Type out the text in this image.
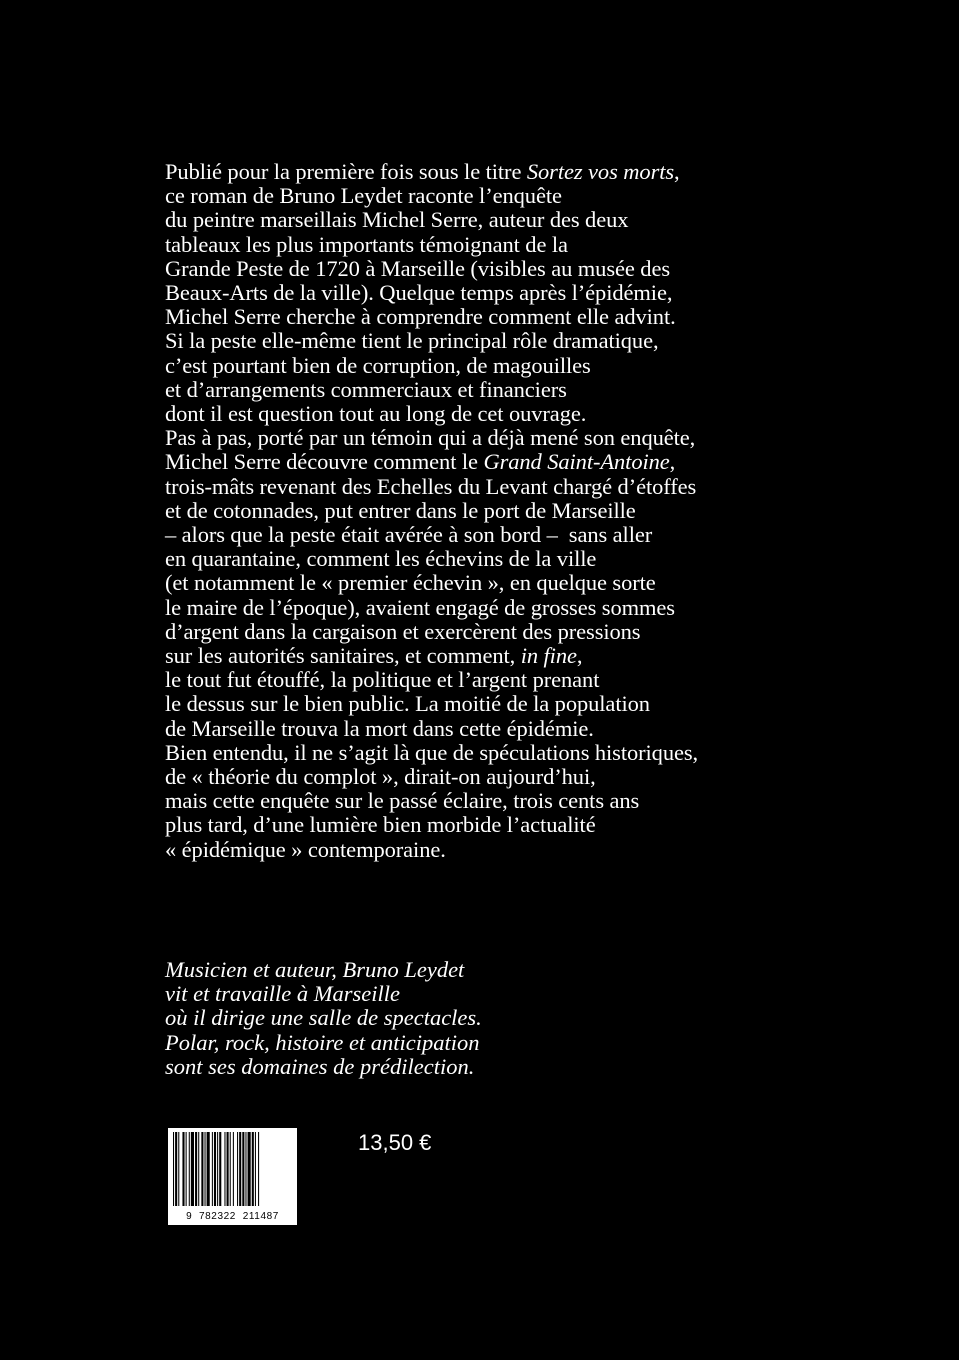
Publié pour la première fois sous le titre Sortez vos morts,
ce roman de Bruno Leydet raconte l’enquête
du peintre marseillais Michel Serre, auteur des deux
tableaux les plus importants témoignant de la
Grande Peste de 1720 à Marseille (visibles au musée des
Beaux-Arts de la ville). Quelque temps après l’épidémie,
Michel Serre cherche à comprendre comment elle advint.
Si la peste elle-même tient le principal rôle dramatique,
c’est pourtant bien de corruption, de magouilles
et d’arrangements commerciaux et financiers
dont il est question tout au long de cet ouvrage.
Pas à pas, porté par un témoin qui a déjà mené son enquête,
Michel Serre découvre comment le Grand Saint-Antoine,
trois-mâts revenant des Echelles du Levant chargé d’étoffes
et de cotonnades, put entrer dans le port de Marseille
– alors que la peste était avérée à son bord –  sans aller
en quarantaine, comment les échevins de la ville
(et notamment le « premier échevin », en quelque sorte
le maire de l’époque), avaient engagé de grosses sommes
d’argent dans la cargaison et exercèrent des pressions
sur les autorités sanitaires, et comment, in fine,
le tout fut étouffé, la politique et l’argent prenant
le dessus sur le bien public. La moitié de la population
de Marseille trouva la mort dans cette épidémie.
Bien entendu, il ne s’agit là que de spéculations historiques,
de « théorie du complot », dirait-on aujourd’hui,
mais cette enquête sur le passé éclaire, trois cents ans
plus tard, d’une lumière bien morbide l’actualité
« épidémique » contemporaine.
Musicien et auteur, Bruno Leydet
vit et travaille à Marseille
où il dirige une salle de spectacles.
Polar, rock, histoire et anticipation
sont ses domaines de prédilection.
9  782322  211487
13,50 €
